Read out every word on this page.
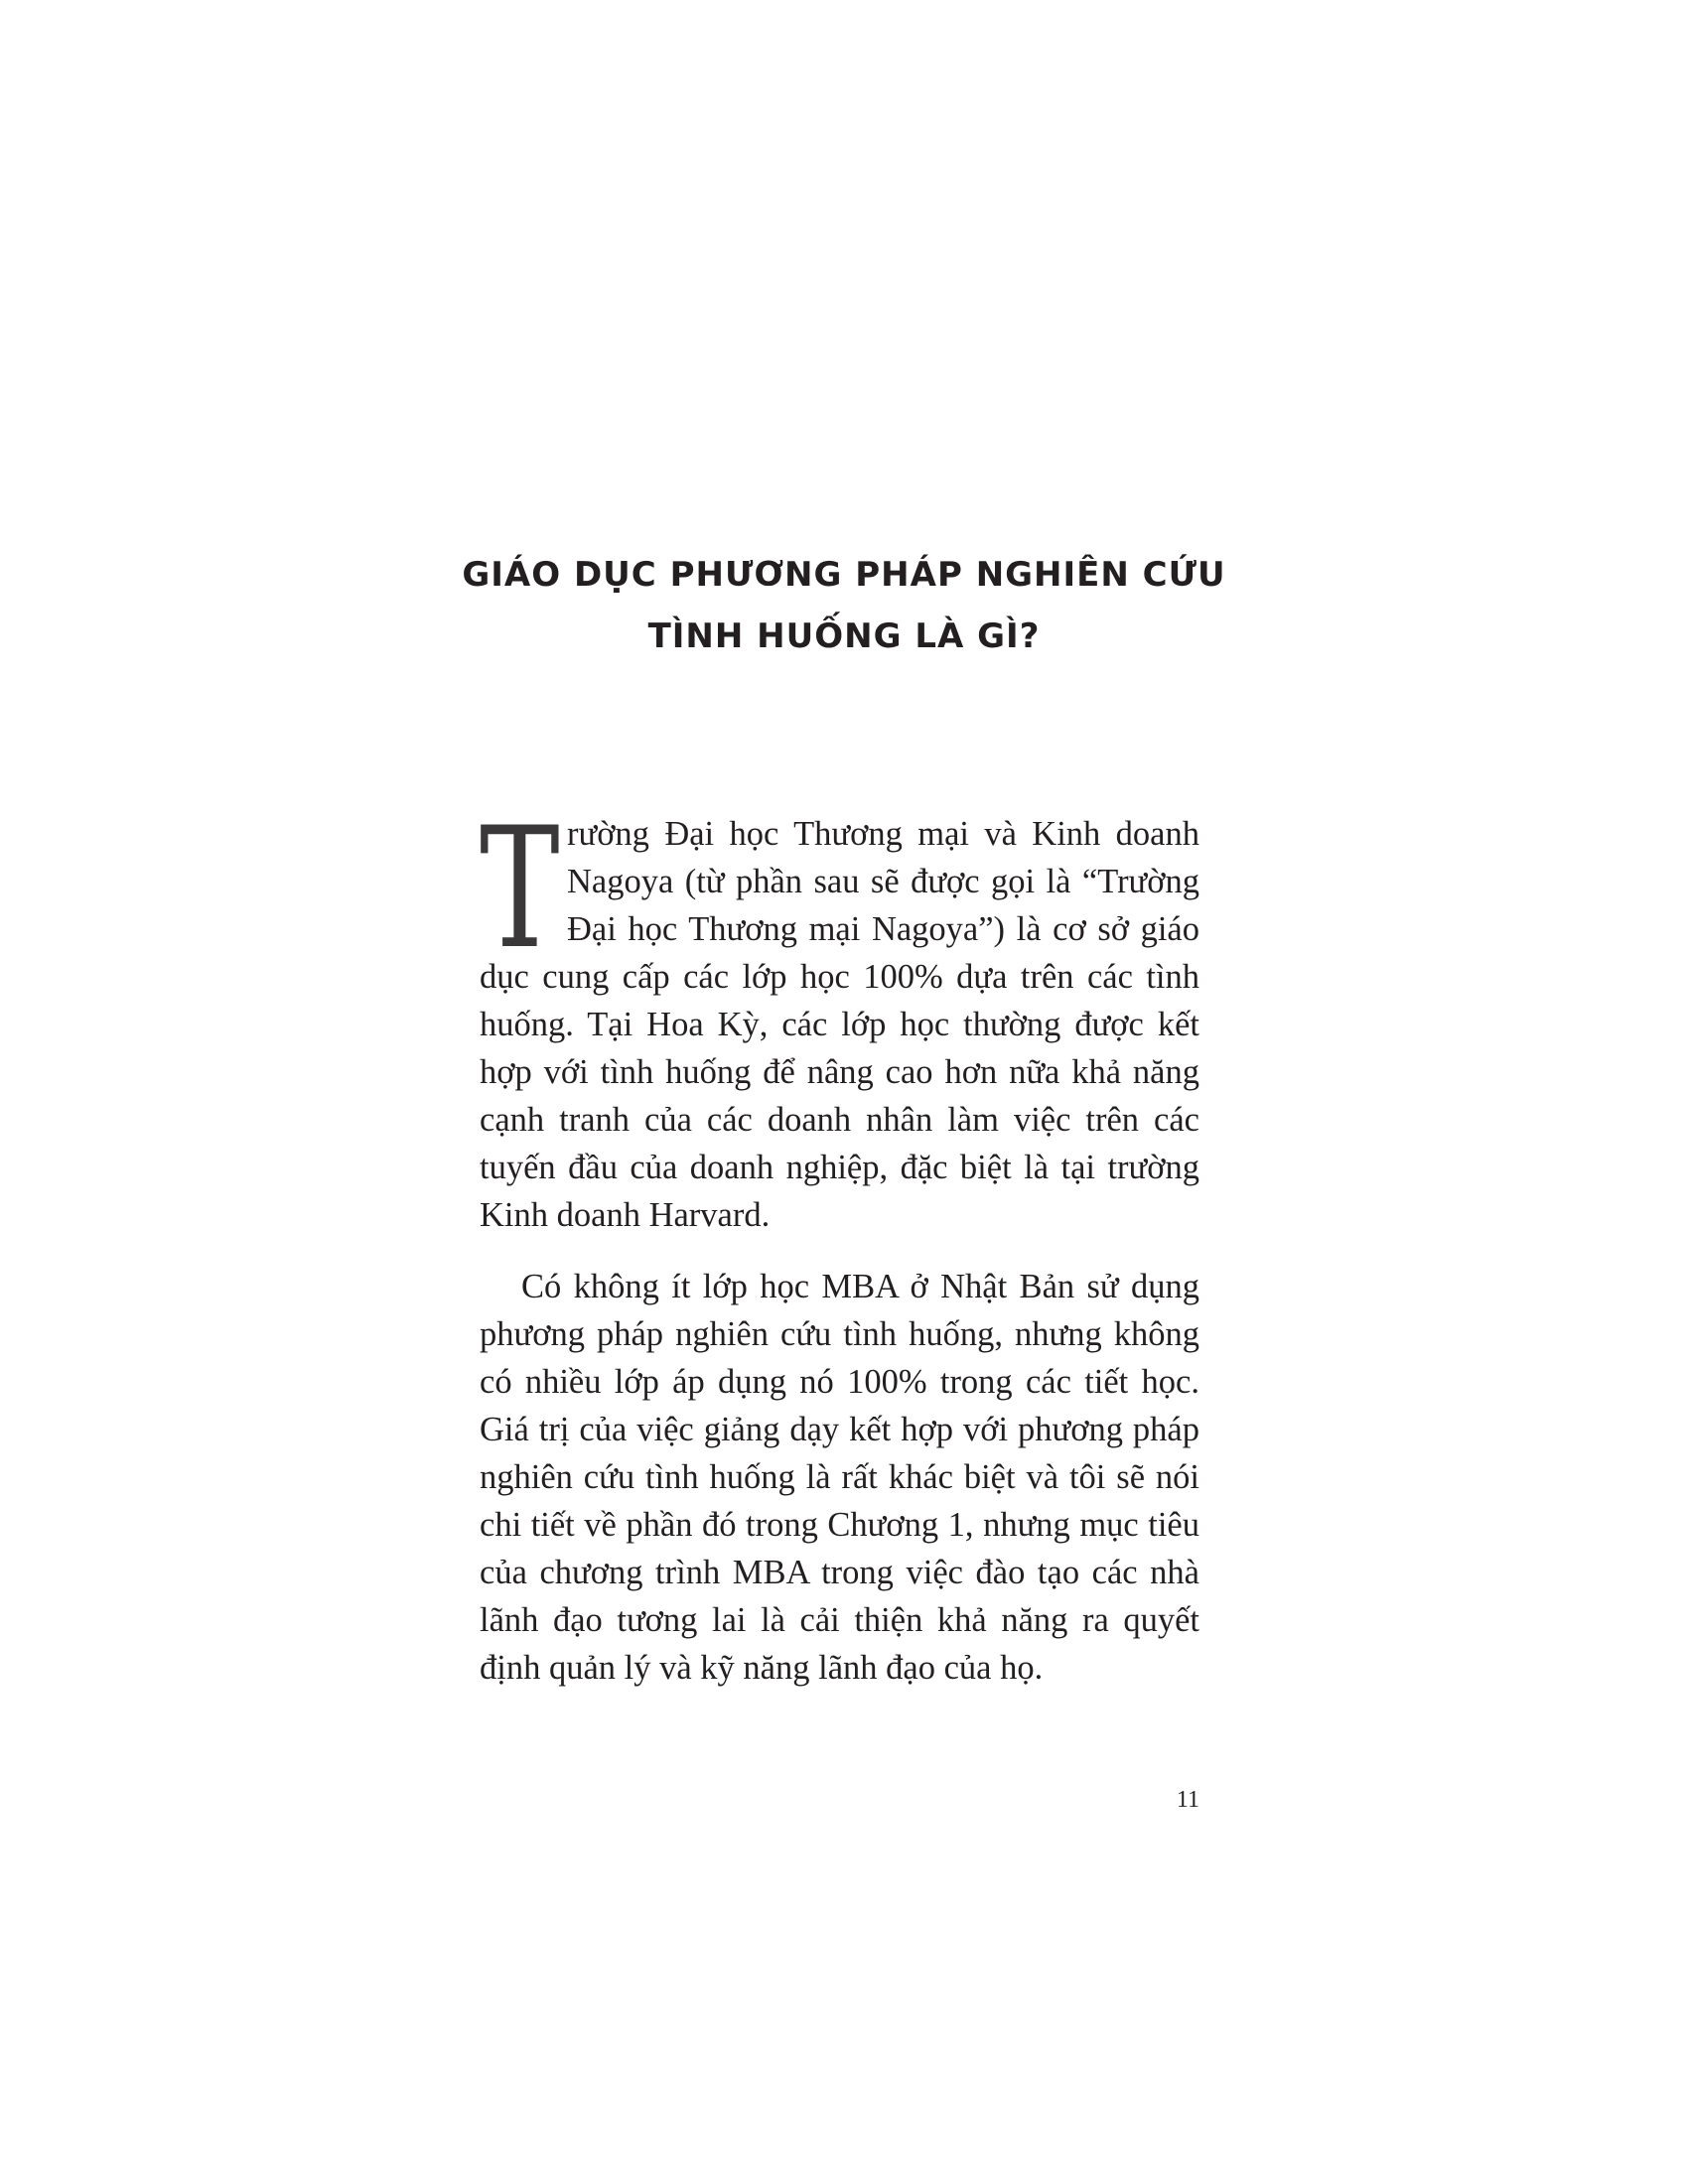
GIÁO DỤC PHƯƠNG PHÁP NGHIÊN CỨU
TÌNH HUỐNG LÀ GÌ?

Trường Đại học Thương mại và Kinh doanh Nagoya (từ phần sau sẽ được gọi là “Trường Đại học Thương mại Nagoya”) là cơ sở giáo dục cung cấp các lớp học 100% dựa trên các tình huống. Tại Hoa Kỳ, các lớp học thường được kết hợp với tình huống để nâng cao hơn nữa khả năng cạnh tranh của các doanh nhân làm việc trên các tuyến đầu của doanh nghiệp, đặc biệt là tại trường Kinh doanh Harvard.

Có không ít lớp học MBA ở Nhật Bản sử dụng phương pháp nghiên cứu tình huống, nhưng không có nhiều lớp áp dụng nó 100% trong các tiết học. Giá trị của việc giảng dạy kết hợp với phương pháp nghiên cứu tình huống là rất khác biệt và tôi sẽ nói chi tiết về phần đó trong Chương 1, nhưng mục tiêu của chương trình MBA trong việc đào tạo các nhà lãnh đạo tương lai là cải thiện khả năng ra quyết định quản lý và kỹ năng lãnh đạo của họ.

11
